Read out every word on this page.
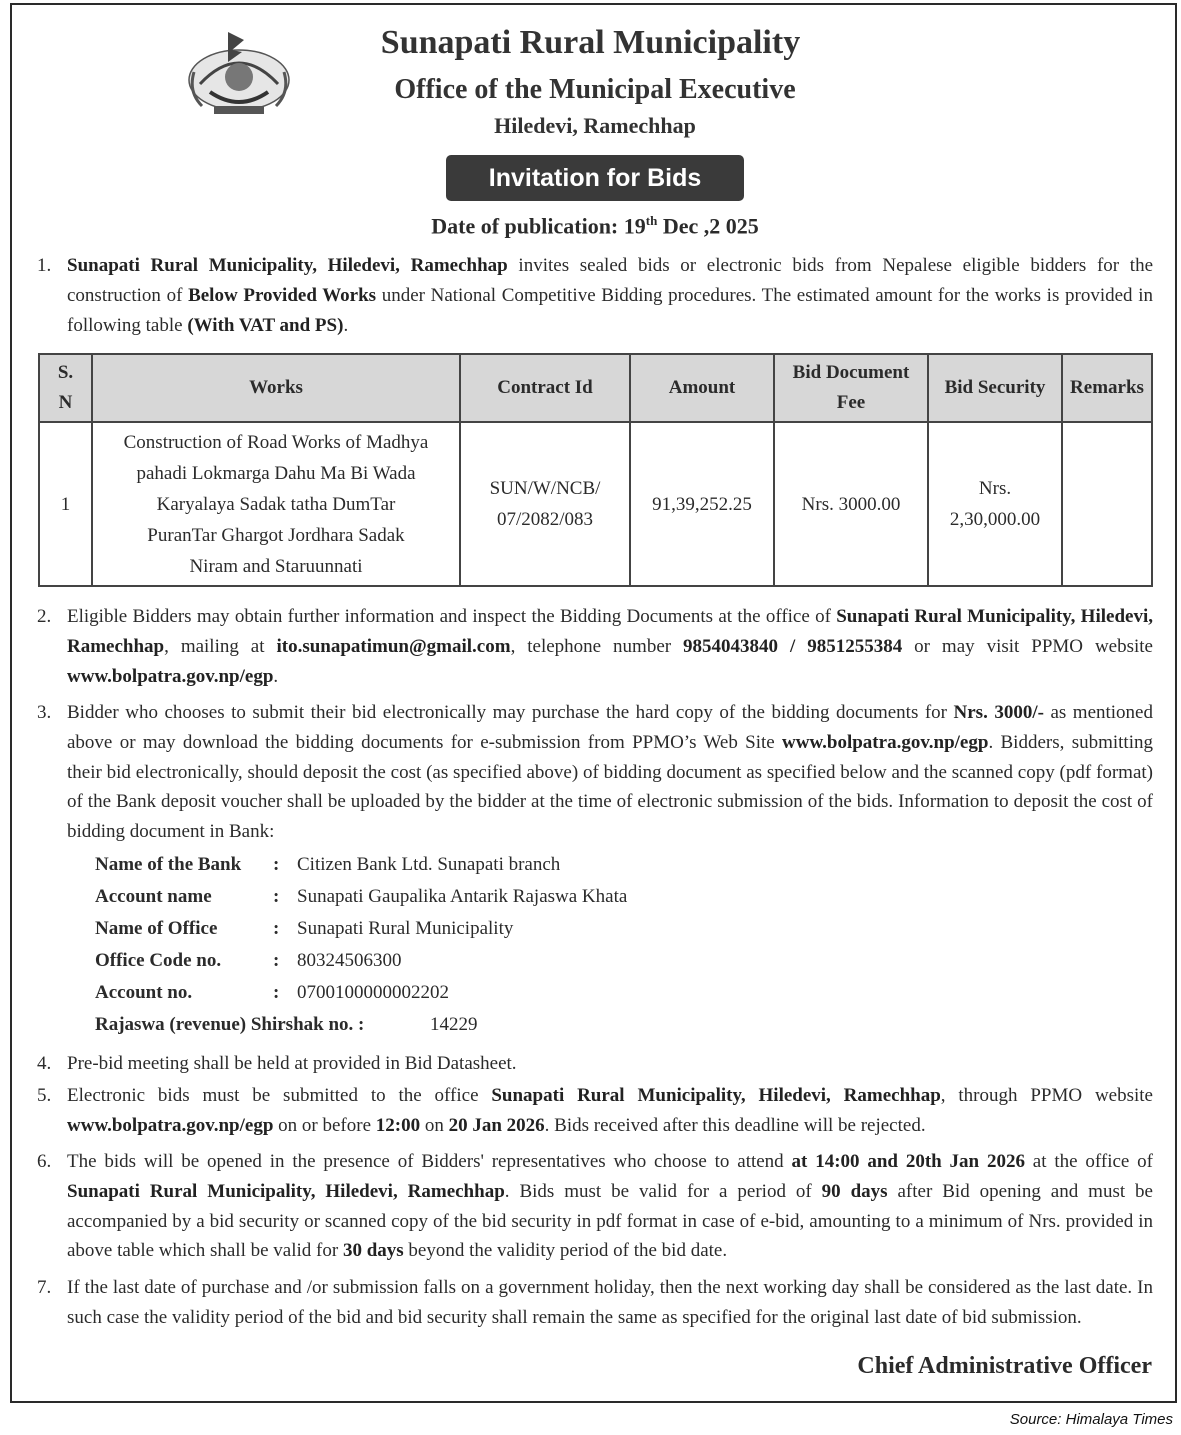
Sunapati Rural Municipality
Office of the Municipal Executive
Hiledevi, Ramechhap
Invitation for Bids
Date of publication: 19th Dec ,2 025
1. Sunapati Rural Municipality, Hiledevi, Ramechhap invites sealed bids or electronic bids from Nepalese eligible bidders for the construction of Below Provided Works under National Competitive Bidding procedures. The estimated amount for the works is provided in following table (With VAT and PS).
S.
N	Works	Contract Id	Amount	Bid Document
Fee	Bid Security	Remarks
1	Construction of Road Works of Madhya
pahadi Lokmarga Dahu Ma Bi Wada
Karyalaya Sadak tatha DumTar
PuranTar Ghargot Jordhara Sadak
Niram and Staruunnati	SUN/W/NCB/
07/2082/083	91,39,252.25	Nrs. 3000.00	Nrs.
2,30,000.00	
2. Eligible Bidders may obtain further information and inspect the Bidding Documents at the office of Sunapati Rural Municipality, Hiledevi, Ramechhap, mailing at ito.sunapatimun@gmail.com, telephone number 9854043840 / 9851255384 or may visit PPMO website www.bolpatra.gov.np/egp.
3. Bidder who chooses to submit their bid electronically may purchase the hard copy of the bidding documents for Nrs. 3000/- as mentioned above or may download the bidding documents for e-submission from PPMO’s Web Site www.bolpatra.gov.np/egp. Bidders, submitting their bid electronically, should deposit the cost (as specified above) of bidding document as specified below and the scanned copy (pdf format) of the Bank deposit voucher shall be uploaded by the bidder at the time of electronic submission of the bids. Information to deposit the cost of bidding document in Bank:
Name of the Bank : Citizen Bank Ltd. Sunapati branch
Account name	: Sunapati Gaupalika Antarik Rajaswa Khata
Name of Office	: Sunapati Rural Municipality
Office Code no.	: 80324506300
Account no.	: 0700100000002202
Rajaswa (revenue) Shirshak no. :	14229
4. Pre-bid meeting shall be held at provided in Bid Datasheet.
5. Electronic bids must be submitted to the office Sunapati Rural Municipality, Hiledevi, Ramechhap, through PPMO website www.bolpatra.gov.np/egp on or before 12:00 on 20 Jan 2026. Bids received after this deadline will be rejected.
6. The bids will be opened in the presence of Bidders' representatives who choose to attend at 14:00 and 20th Jan 2026 at the office of Sunapati Rural Municipality, Hiledevi, Ramechhap. Bids must be valid for a period of 90 days after Bid opening and must be accompanied by a bid security or scanned copy of the bid security in pdf format in case of e-bid, amounting to a minimum of Nrs. provided in above table which shall be valid for 30 days beyond the validity period of the bid date.
7. If the last date of purchase and /or submission falls on a government holiday, then the next working day shall be considered as the last date. In such case the validity period of the bid and bid security shall remain the same as specified for the original last date of bid submission.
Chief Administrative Officer
Source: Himalaya Times
